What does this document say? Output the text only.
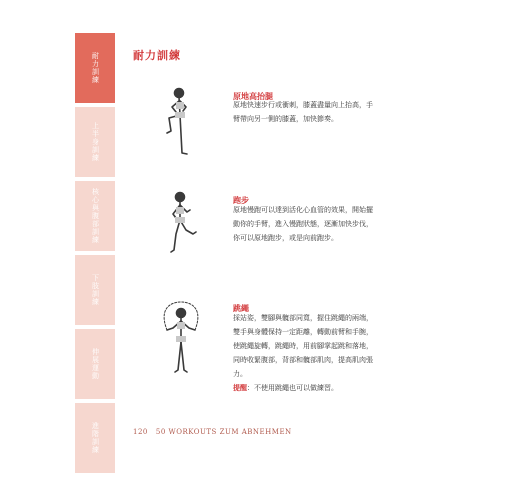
耐力訓練
上半身訓練
核心與腹部訓練
下肢訓練
伸展運動
進階訓練
耐力訓練
原地高抬腿

原地快速步行或衝刺，膝蓋盡量向上抬高，手
臂帶向另一側的膝蓋，加快節奏。

跑步

原地慢跑可以達到活化心血管的效果，開始擺
動你的手臂，進入慢跑狀態，逐漸加快步伐，
你可以原地跑步，或是向前跑步。

跳繩

採站姿，雙腳與髖部同寬，握住跳繩的兩端，
雙手與身體保持一定距離，轉動前臂和手腕，
使跳繩旋轉，跳繩時，用前腳掌起跳和落地，
同時收緊腹部，背部和髖部肌肉，提高肌肉張
力。
提醒：不使用跳繩也可以做練習。

120 50 WORKOUTS ZUM ABNEHMEN
